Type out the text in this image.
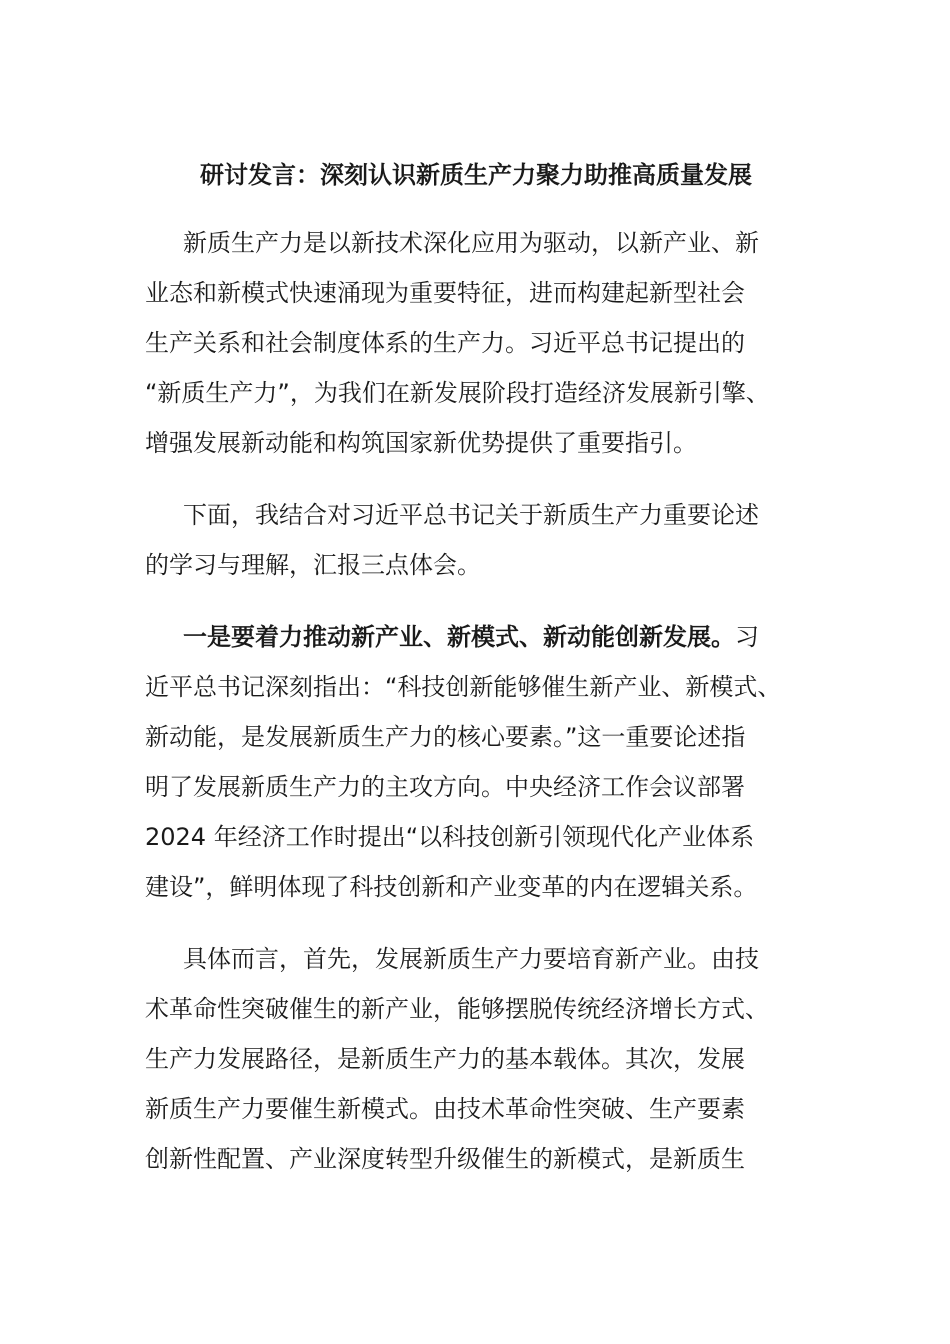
研讨发言：深刻认识新质生产力聚力助推高质量发展
新质生产力是以新技术深化应用为驱动，以新产业、新
业态和新模式快速涌现为重要特征，进而构建起新型社会
生产关系和社会制度体系的生产力。习近平总书记提出的
“新质生产力”，为我们在新发展阶段打造经济发展新引擎、
增强发展新动能和构筑国家新优势提供了重要指引。
下面，我结合对习近平总书记关于新质生产力重要论述
的学习与理解，汇报三点体会。
一是要着力推动新产业、新模式、新动能创新发展。习
近平总书记深刻指出：“科技创新能够催生新产业、新模式、
新动能，是发展新质生产力的核心要素。”这一重要论述指
明了发展新质生产力的主攻方向。中央经济工作会议部署
2024 年经济工作时提出“以科技创新引领现代化产业体系
建设”，鲜明体现了科技创新和产业变革的内在逻辑关系。
具体而言，首先，发展新质生产力要培育新产业。由技
术革命性突破催生的新产业，能够摆脱传统经济增长方式、
生产力发展路径，是新质生产力的基本载体。其次，发展
新质生产力要催生新模式。由技术革命性突破、生产要素
创新性配置、产业深度转型升级催生的新模式，是新质生
